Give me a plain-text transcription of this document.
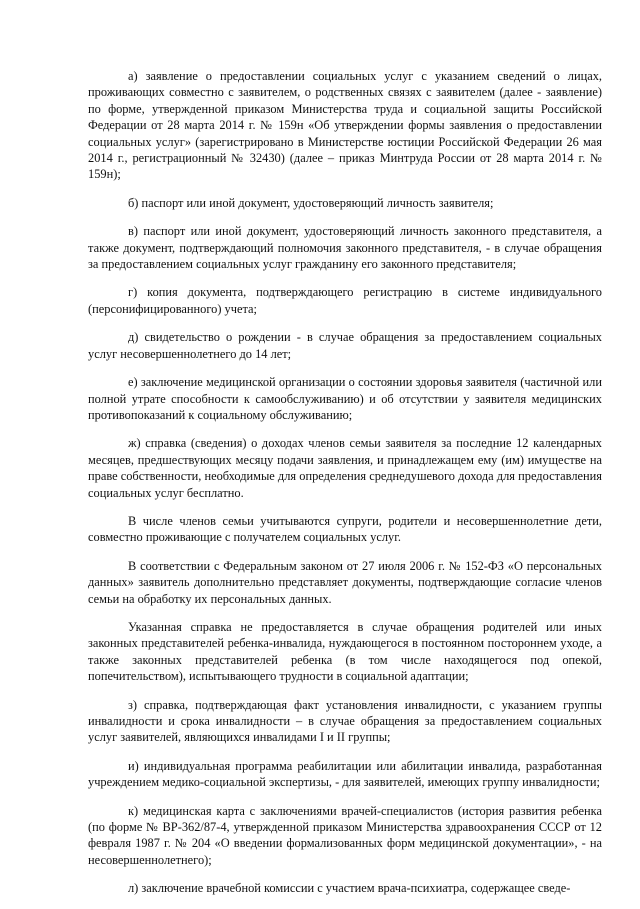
а) заявление о предоставлении социальных услуг с указанием сведений о лицах, проживающих совместно с заявителем, о родственных связях с заявителем (далее - заявление) по форме, утвержденной приказом Министерства труда и социальной защиты Российской Федерации от 28 марта 2014 г. № 159н «Об утверждении формы заявления о предоставлении социальных услуг» (зарегистрировано в Министерстве юстиции Российской Федерации 26 мая 2014 г., регистрационный № 32430) (далее – приказ Минтруда России от 28 марта 2014 г. № 159н);

б) паспорт или иной документ, удостоверяющий личность заявителя;

в) паспорт или иной документ, удостоверяющий личность законного представителя, а также документ, подтверждающий полномочия законного представителя, - в случае обращения за предоставлением социальных услуг гражданину его законного представителя;

г) копия документа, подтверждающего регистрацию в системе индивидуального (персонифицированного) учета;

д) свидетельство о рождении - в случае обращения за предоставлением социальных услуг несовершеннолетнего до 14 лет;

е) заключение медицинской организации о состоянии здоровья заявителя (частичной или полной утрате способности к самообслуживанию) и об отсутствии у заявителя медицинских противопоказаний к социальному обслуживанию;

ж) справка (сведения) о доходах членов семьи заявителя за последние 12 календарных месяцев, предшествующих месяцу подачи заявления, и принадлежащем ему (им) имуществе на праве собственности, необходимые для определения среднедушевого дохода для предоставления социальных услуг бесплатно.

В числе членов семьи учитываются супруги, родители и несовершеннолетние дети, совместно проживающие с получателем социальных услуг.

В соответствии с Федеральным законом от 27 июля 2006 г. № 152-ФЗ «О персональных данных» заявитель дополнительно представляет документы, подтверждающие согласие членов семьи на обработку их персональных данных.

Указанная справка не предоставляется в случае обращения родителей или иных законных представителей ребенка-инвалида, нуждающегося в постоянном постороннем уходе, а также законных представителей ребенка (в том числе находящегося под опекой, попечительством), испытывающего трудности в социальной адаптации;

з) справка, подтверждающая факт установления инвалидности, с указанием группы инвалидности и срока инвалидности – в случае обращения за предоставлением социальных услуг заявителей, являющихся инвалидами I и II группы;

и) индивидуальная программа реабилитации или абилитации инвалида, разработанная учреждением медико-социальной экспертизы, - для заявителей, имеющих группу инвалидности;

к) медицинская карта с заключениями врачей-специалистов (история развития ребенка (по форме № ВР-362/87-4, утвержденной приказом Министерства здравоохранения СССР от 12 февраля 1987 г. № 204 «О введении формализованных форм медицинской документации», - на несовершеннолетнего);

л) заключение врачебной комиссии с участием врача-психиатра, содержащее сведе-
